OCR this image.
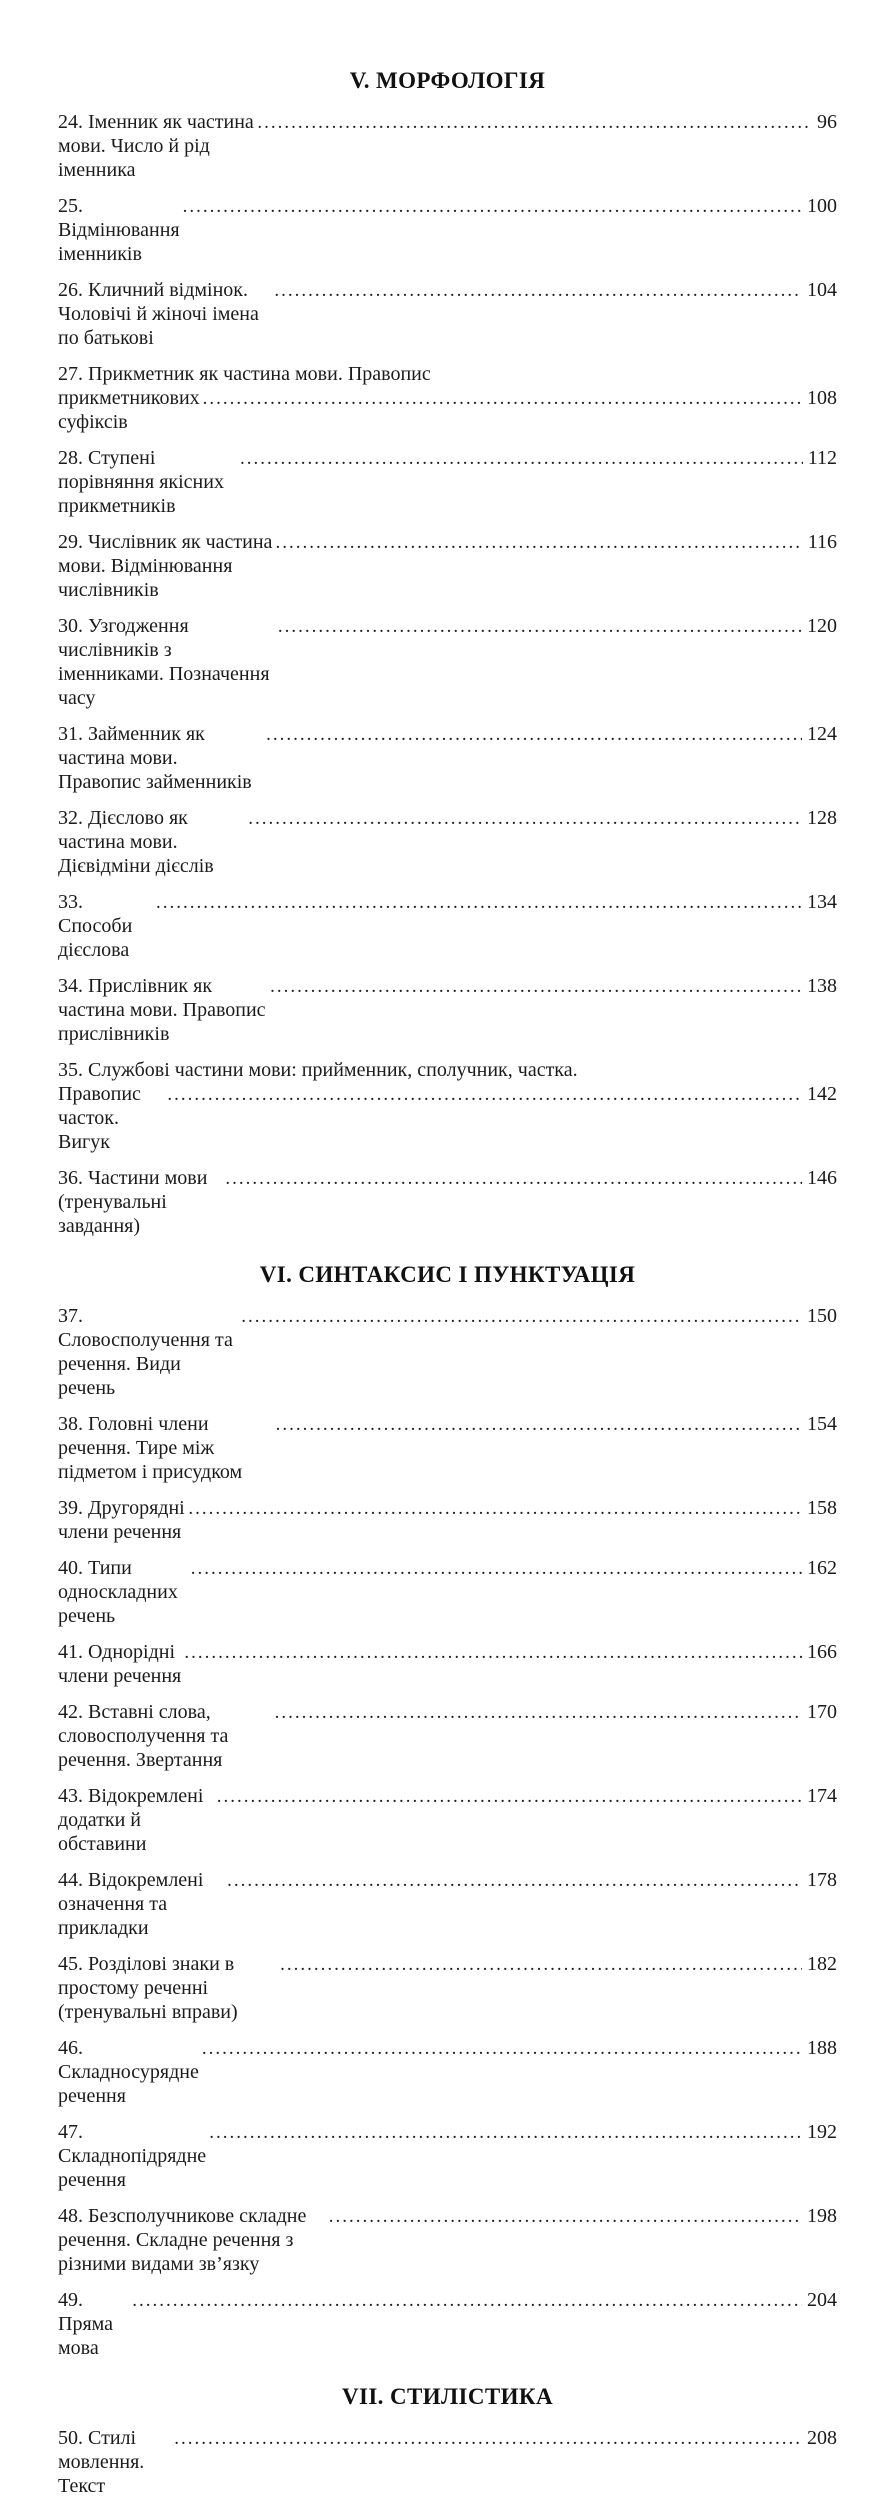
V. МОРФОЛОГІЯ
24. Іменник як частина мови. Число й рід іменника
.....
96
25. Відмінювання іменників
.....
100
26. Кличний відмінок. Чоловічі й жіночі імена по батькові
.....
104
27. Прикметник як частина мови. Правопис
прикметникових суфіксів
.....
108
28. Ступені порівняння якісних прикметників
.....
112
29. Числівник як частина мови. Відмінювання числівників
.....
116
30. Узгодження числівників з іменниками. Позначення часу
.....
120
31. Займенник як частина мови. Правопис займенників
.....
124
32. Дієслово як частина мови. Дієвідміни дієслів
.....
128
33. Способи дієслова
.....
134
34. Прислівник як частина мови. Правопис прислівників
.....
138
35. Службові частини мови: прийменник, сполучник, частка.
Правопис часток. Вигук
.....
142
36. Частини мови (тренувальні завдання)
.....
146
VI. СИНТАКСИС І ПУНКТУАЦІЯ
37. Словосполучення та речення. Види речень
.....
150
38. Головні члени речення. Тире між підметом і присудком
.....
154
39. Другорядні члени речення
.....
158
40. Типи односкладних речень
.....
162
41. Однорідні члени речення
.....
166
42. Вставні слова, словосполучення та речення. Звертання
.....
170
43. Відокремлені додатки й обставини
.....
174
44. Відокремлені означення та прикладки
.....
178
45. Розділові знаки в простому реченні (тренувальні вправи)
.....
182
46. Складносурядне речення
.....
188
47. Складнопідрядне речення
.....
192
48. Безсполучникове складне речення. Складне речення з різними видами зв’язку
.....
198
49. Пряма мова
.....
204
VII. СТИЛІСТИКА
50. Стилі мовлення. Текст
.....
208
